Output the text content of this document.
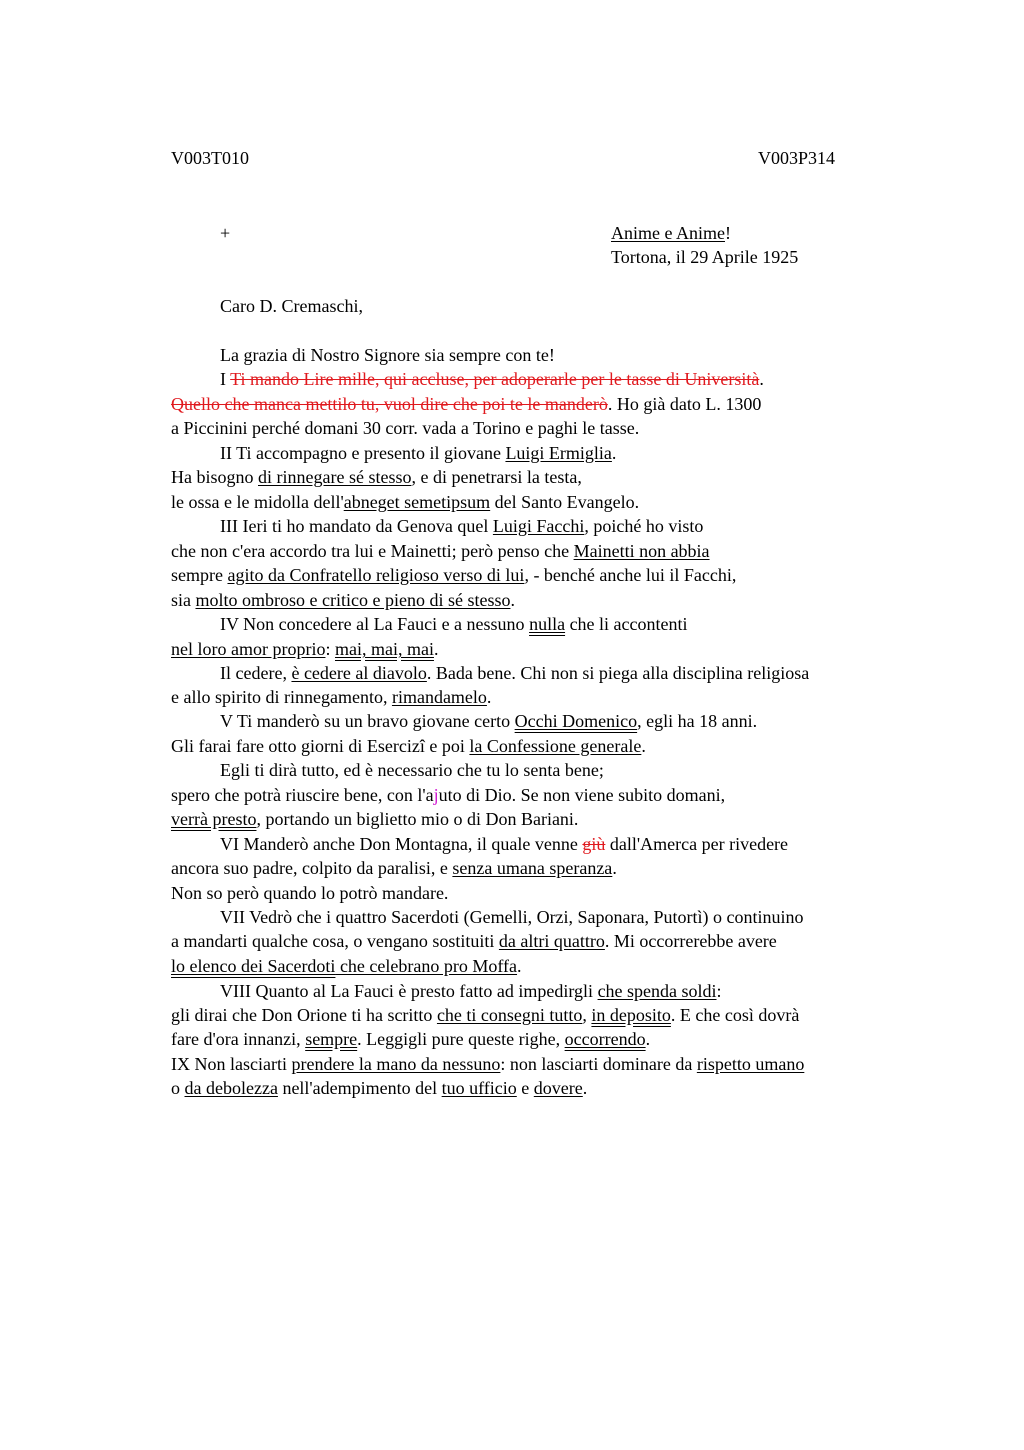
V003T010	V003P314
+	Anime e Anime!
Tortona, il 29 Aprile 1925
Caro D. Cremaschi,
La grazia di Nostro Signore sia sempre con te!
I Ti mando Lire mille, qui accluse, per adoperarle per le tasse di Università.
Quello che manca mettilo tu, vuol dire che poi te le manderò. Ho già dato L. 1300
a Piccinini perché domani 30 corr. vada a Torino e paghi le tasse.
II Ti accompagno e presento il giovane Luigi Ermiglia.
Ha bisogno di rinnegare sé stesso, e di penetrarsi la testa,
le ossa e le midolla dell'abneget semetipsum del Santo Evangelo.
III Ieri ti ho mandato da Genova quel Luigi Facchi, poiché ho visto
che non c'era accordo tra lui e Mainetti; però penso che Mainetti non abbia
sempre agito da Confratello religioso verso di lui, - benché anche lui il Facchi,
sia molto ombroso e critico e pieno di sé stesso.
IV Non concedere al La Fauci e a nessuno nulla che li accontenti
nel loro amor proprio: mai, mai, mai.
Il cedere, è cedere al diavolo. Bada bene. Chi non si piega alla disciplina religiosa
e allo spirito di rinnegamento, rimandamelo.
V Ti manderò su un bravo giovane certo Occhi Domenico, egli ha 18 anni.
Gli farai fare otto giorni di Esercizî e poi la Confessione generale.
Egli ti dirà tutto, ed è necessario che tu lo senta bene;
spero che potrà riuscire bene, con l'ajuto di Dio. Se non viene subito domani,
verrà presto, portando un biglietto mio o di Don Bariani.
VI Manderò anche Don Montagna, il quale venne giù dall'Amerca per rivedere
ancora suo padre, colpito da paralisi, e senza umana speranza.
Non so però quando lo potrò mandare.
VII Vedrò che i quattro Sacerdoti (Gemelli, Orzi, Saponara, Putortì) o continuino
a mandarti qualche cosa, o vengano sostituiti da altri quattro. Mi occorrerebbe avere
lo elenco dei Sacerdoti che celebrano pro Moffa.
VIII Quanto al La Fauci è presto fatto ad impedirgli che spenda soldi:
gli dirai che Don Orione ti ha scritto che ti consegni tutto, in deposito. E che così dovrà
fare d'ora innanzi, sempre. Leggigli pure queste righe, occorrendo.
IX Non lasciarti prendere la mano da nessuno: non lasciarti dominare da rispetto umano
o da debolezza nell'adempimento del tuo ufficio e dovere.
